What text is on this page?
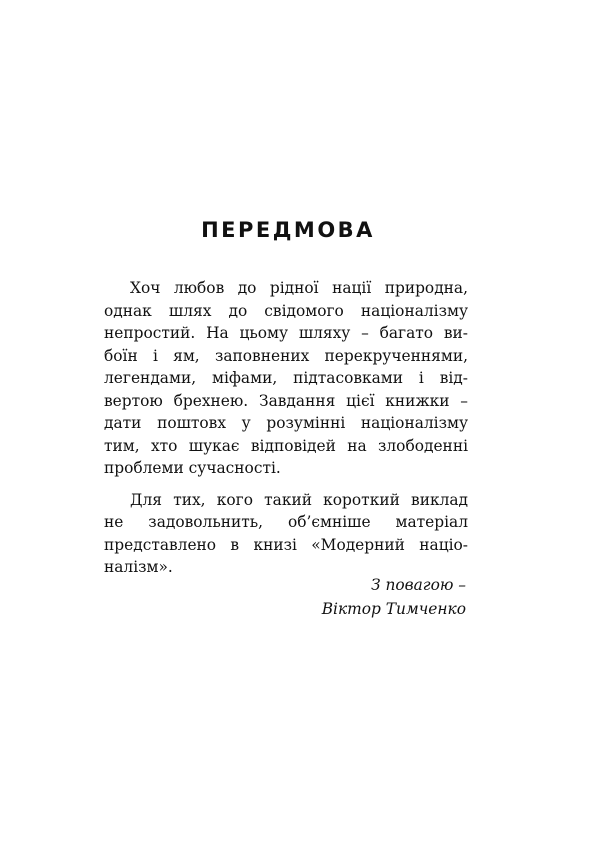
ПЕРЕДМОВА
Хоч любов до рідної нації природна,
однак шлях до свідомого націоналізму
непростий. На цьому шляху – багато ви-
боїн і ям, заповнених перекрученнями,
легендами, міфами, підтасовками і від-
вертою брехнею. Завдання цієї книжки –
дати поштовх у розумінні націоналізму
тим, хто шукає відповідей на злободенні
проблеми сучасності.
Для тих, кого такий короткий виклад
не задовольнить, об’ємніше матеріал
представлено в книзі «Модерний націо-
налізм».
З повагою –
Віктор Тимченко
